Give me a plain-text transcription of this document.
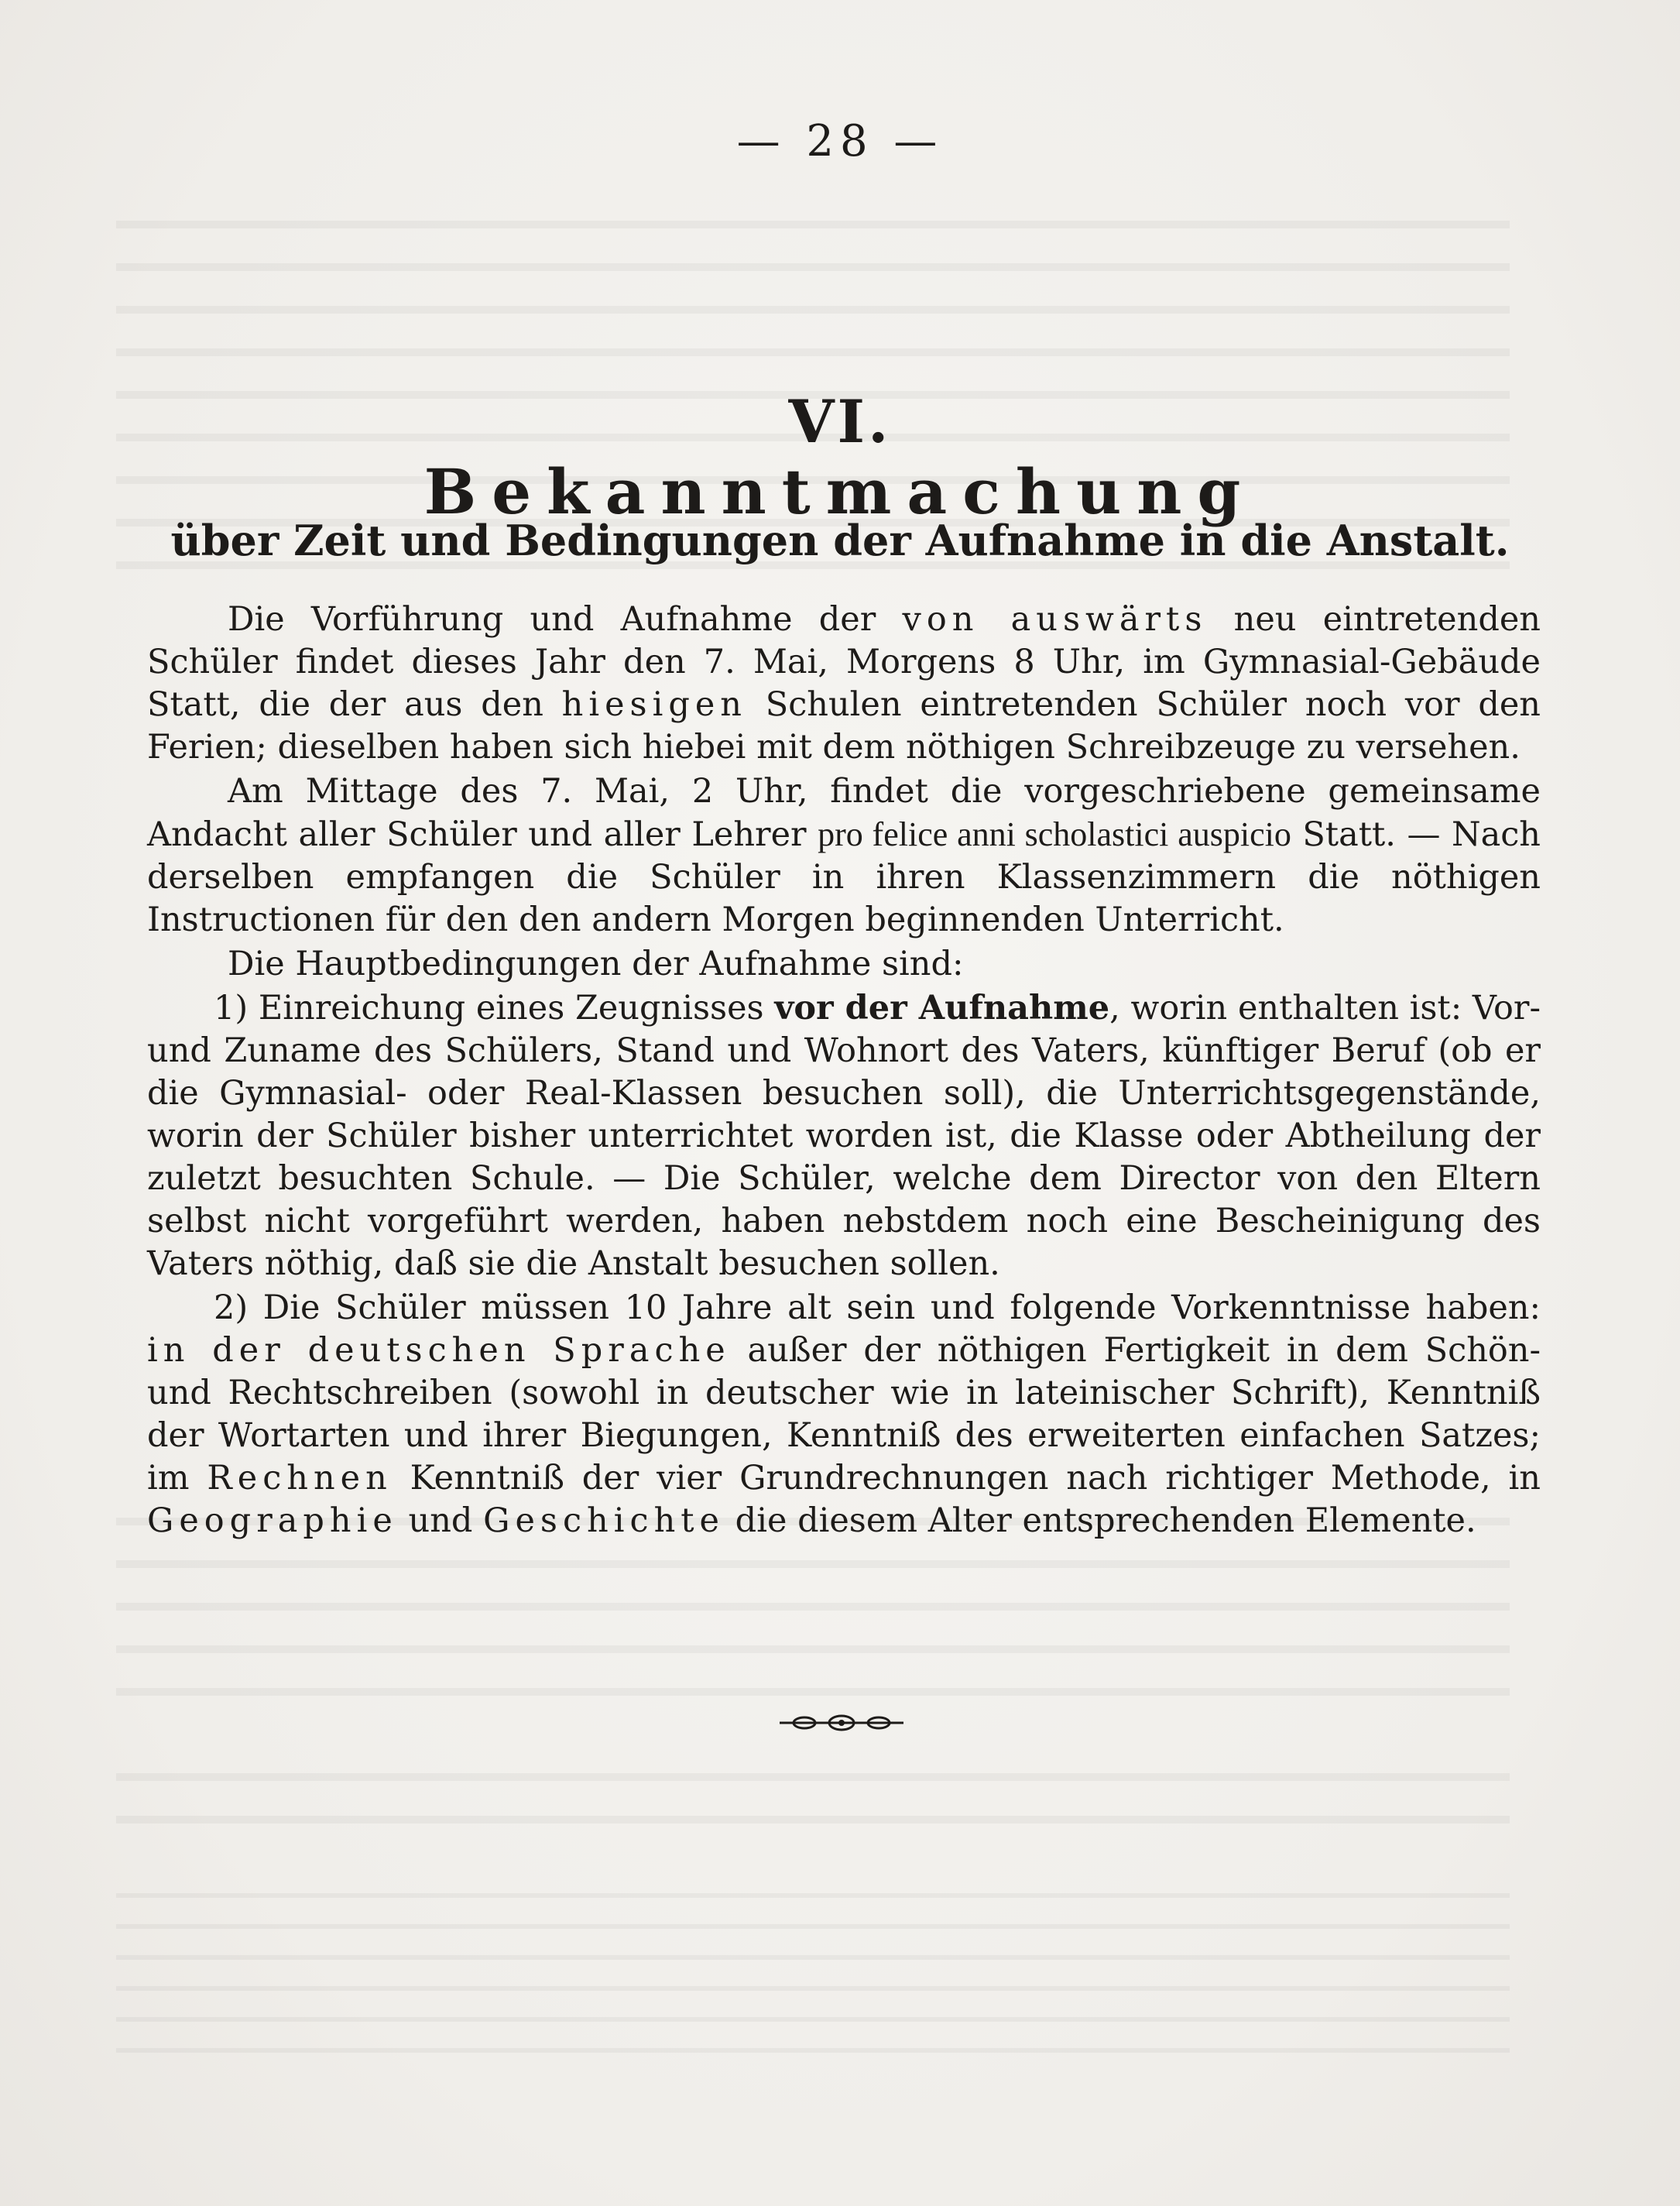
— 28 —
VI.
Bekanntmachung
über Zeit und Bedingungen der Aufnahme in die Anstalt.

Die Vorführung und Aufnahme der von auswärts neu eintretenden Schüler findet dieses Jahr den 7. Mai, Morgens 8 Uhr, im Gymnasial-Gebäude Statt, die der aus den hiesigen Schulen eintretenden Schüler noch vor den Ferien; dieselben haben sich hiebei mit dem nöthigen Schreibzeuge zu versehen.

Am Mittage des 7. Mai, 2 Uhr, findet die vorgeschriebene gemeinsame Andacht aller Schüler und aller Lehrer pro felice anni scholastici auspicio Statt. — Nach derselben empfangen die Schüler in ihren Klassenzimmern die nöthigen Instructionen für den den andern Morgen beginnenden Unterricht.

Die Hauptbedingungen der Aufnahme sind:

1) Einreichung eines Zeugnisses vor der Aufnahme, worin enthalten ist: Vor- und Zuname des Schülers, Stand und Wohnort des Vaters, künftiger Beruf (ob er die Gymnasial- oder Real-Klassen besuchen soll), die Unterrichtsgegenstände, worin der Schüler bisher unterrichtet worden ist, die Klasse oder Abtheilung der zuletzt besuchten Schule. — Die Schüler, welche dem Director von den Eltern selbst nicht vorgeführt werden, haben nebstdem noch eine Bescheinigung des Vaters nöthig, daß sie die Anstalt besuchen sollen.

2) Die Schüler müssen 10 Jahre alt sein und folgende Vorkenntnisse haben: in der deutschen Sprache außer der nöthigen Fertigkeit in dem Schön- und Rechtschreiben (sowohl in deutscher wie in lateinischer Schrift), Kenntniß der Wortarten und ihrer Biegungen, Kenntniß des erweiterten einfachen Satzes; im Rechnen Kenntniß der vier Grundrechnungen nach richtiger Methode, in Geographie und Geschichte die diesem Alter entsprechenden Elemente.
